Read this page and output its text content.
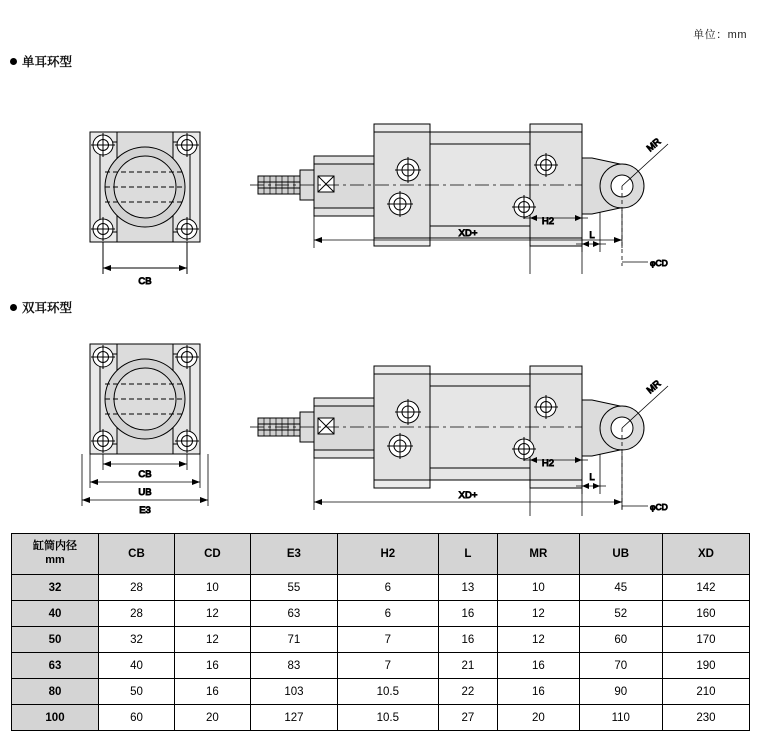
单位：mm
单耳环型
双耳环型
CB
MR
φCD
H2
L
XD+
CB
UB
E3
MR
φCD
H2
L
XD+
缸筒内径
mm	CB	CD	E3	H2	L	MR	UB	XD
32	28	10	55	6	13	10	45	142
40	28	12	63	6	16	12	52	160
50	32	12	71	7	16	12	60	170
63	40	16	83	7	21	16	70	190
80	50	16	103	10.5	22	16	90	210
100	60	20	127	10.5	27	20	110	230
